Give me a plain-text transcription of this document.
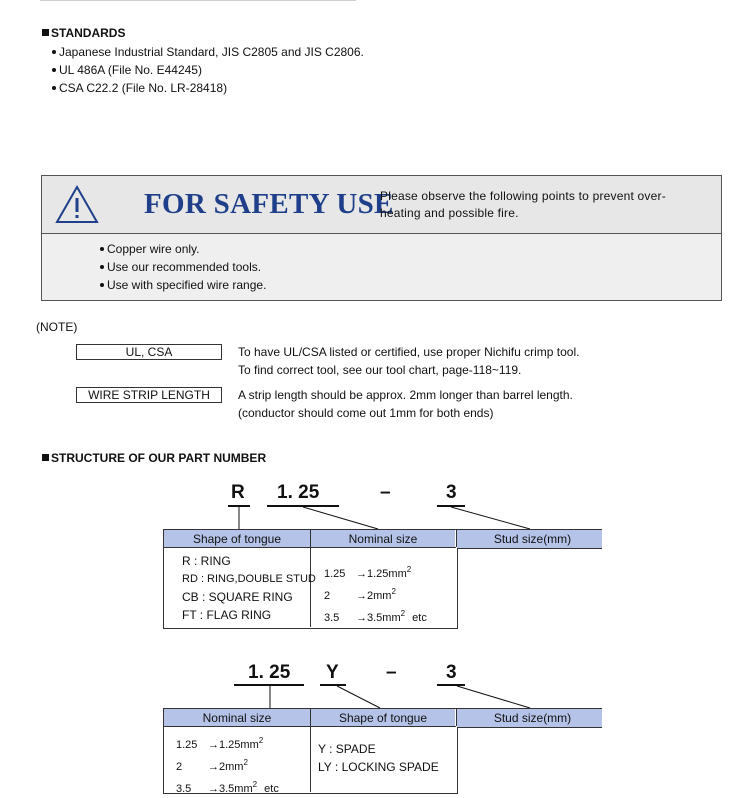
STANDARDS
Japanese Industrial Standard, JIS C2805 and JIS C2806.
UL 486A (File No. E44245)
CSA C22.2 (File No. LR-28418)
FOR SAFETY USE
Please observe the following points to prevent over-
heating and possible fire.
Copper wire only.
Use our recommended tools.
Use with specified wire range.
(NOTE)
UL, CSA	To have UL/CSA listed or certified, use proper Nichifu crimp tool.
To find correct tool, see our tool chart, page-118~119.
WIRE STRIP LENGTH	A strip length should be approx. 2mm longer than barrel length.
(conductor should come out 1mm for both ends)
STRUCTURE OF OUR PART NUMBER
R 1. 25	–	3
Shape of tongue	Nominal size	Stud size(mm)
R : RING
RD : RING,DOUBLE STUD
CB : SQUARE RING
FT : FLAG RING
$1.25 \to 1.25mm^2$
$2 \to 2mm^2$
$3.5 \to 3.5mm^2$ etc
1. 25 Y –	3
Nominal size	Shape of tongue	Stud size(mm)
$1.25 \to 1.25mm^2$
$2 \to 2mm^2$
$3.5 \to 3.5mm^2$ etc
Y : SPADE
LY : LOCKING SPADE
